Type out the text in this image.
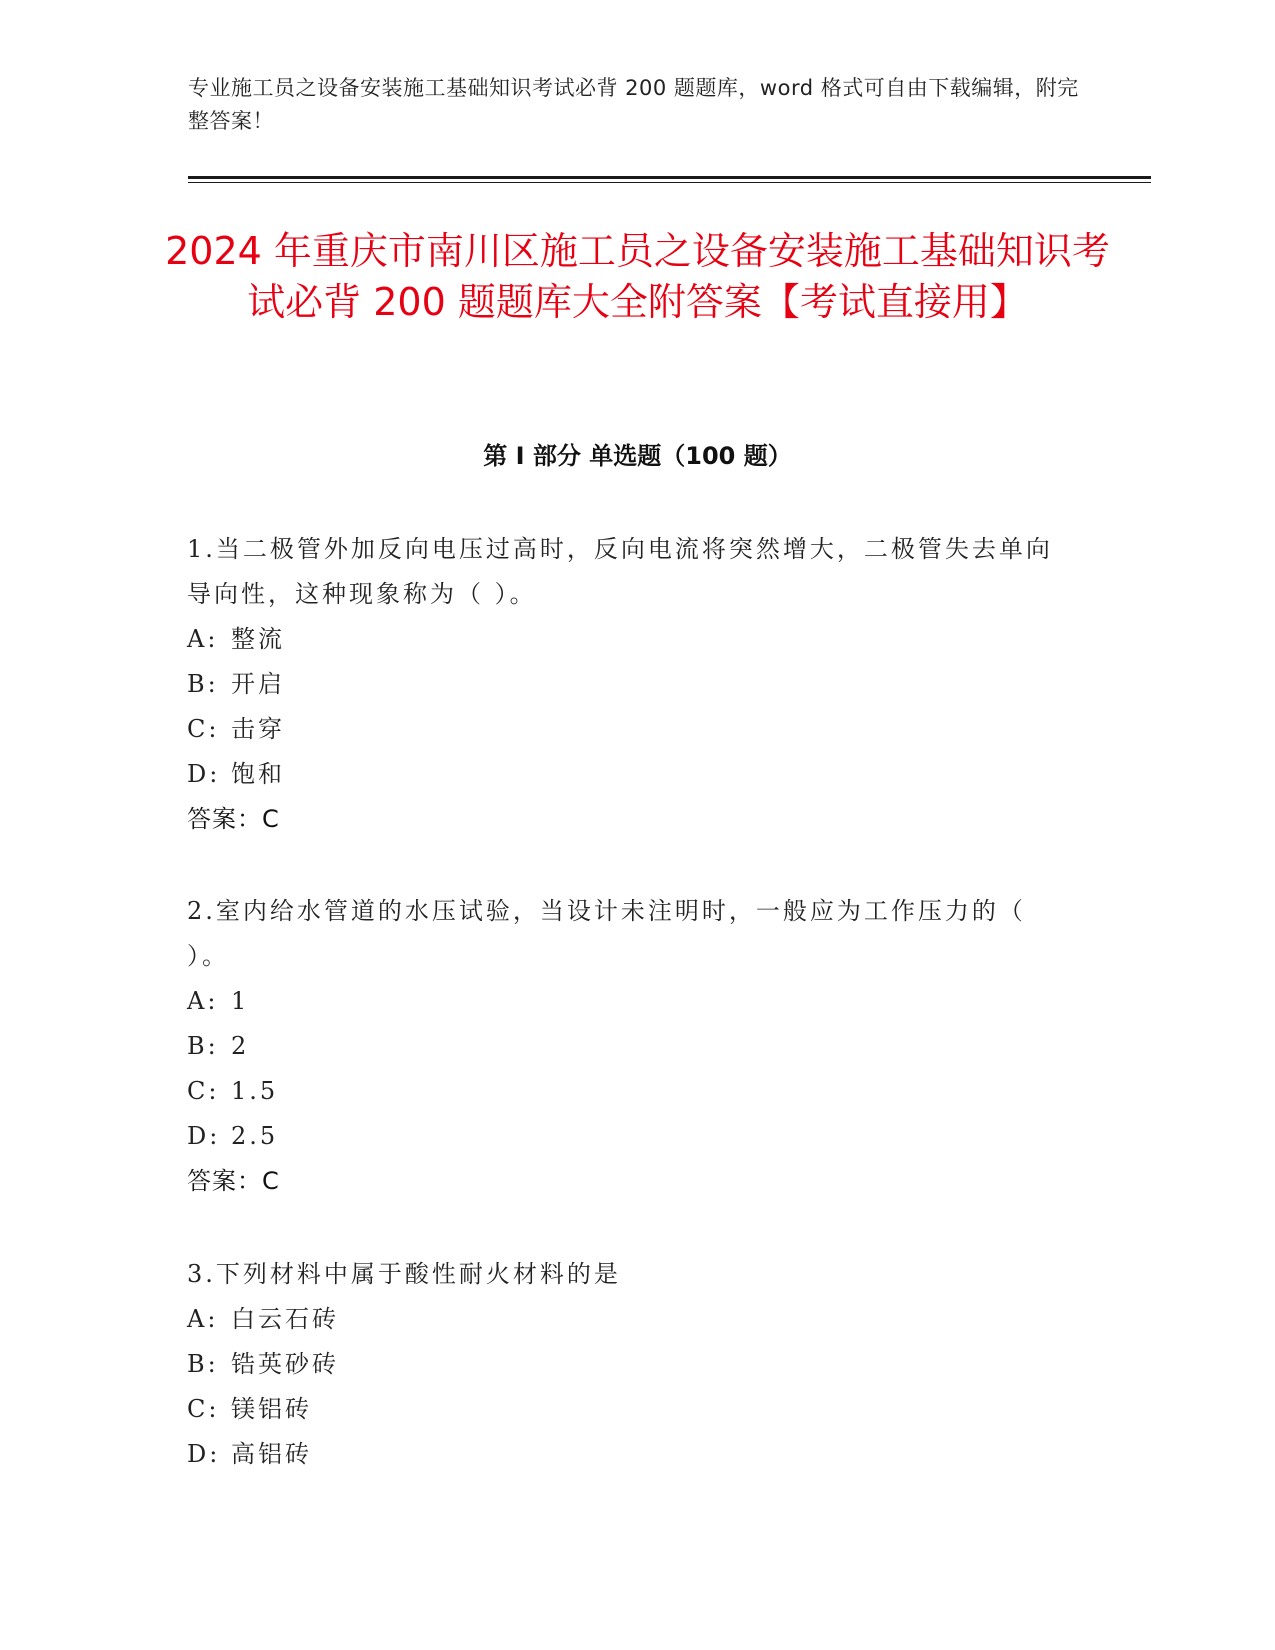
专业施工员之设备安装施工基础知识考试必背 200 题题库，word 格式可自由下载编辑，附完整答案！
2024 年重庆市南川区施工员之设备安装施工基础知识考试必背 200 题题库大全附答案【考试直接用】
第 I 部分 单选题（100 题）

1.当二极管外加反向电压过高时，反向电流将突然增大，二极管失去单向导向性，这种现象称为（ ）。

A: 整流
B: 开启
C: 击穿
D: 饱和
答案：C

2.室内给水管道的水压试验，当设计未注明时，一般应为工作压力的（ ）。

A: 1
B: 2
C: 1.5
D: 2.5
答案：C

3.下列材料中属于酸性耐火材料的是

A: 白云石砖
B: 锆英砂砖
C: 镁铝砖
D: 高铝砖
